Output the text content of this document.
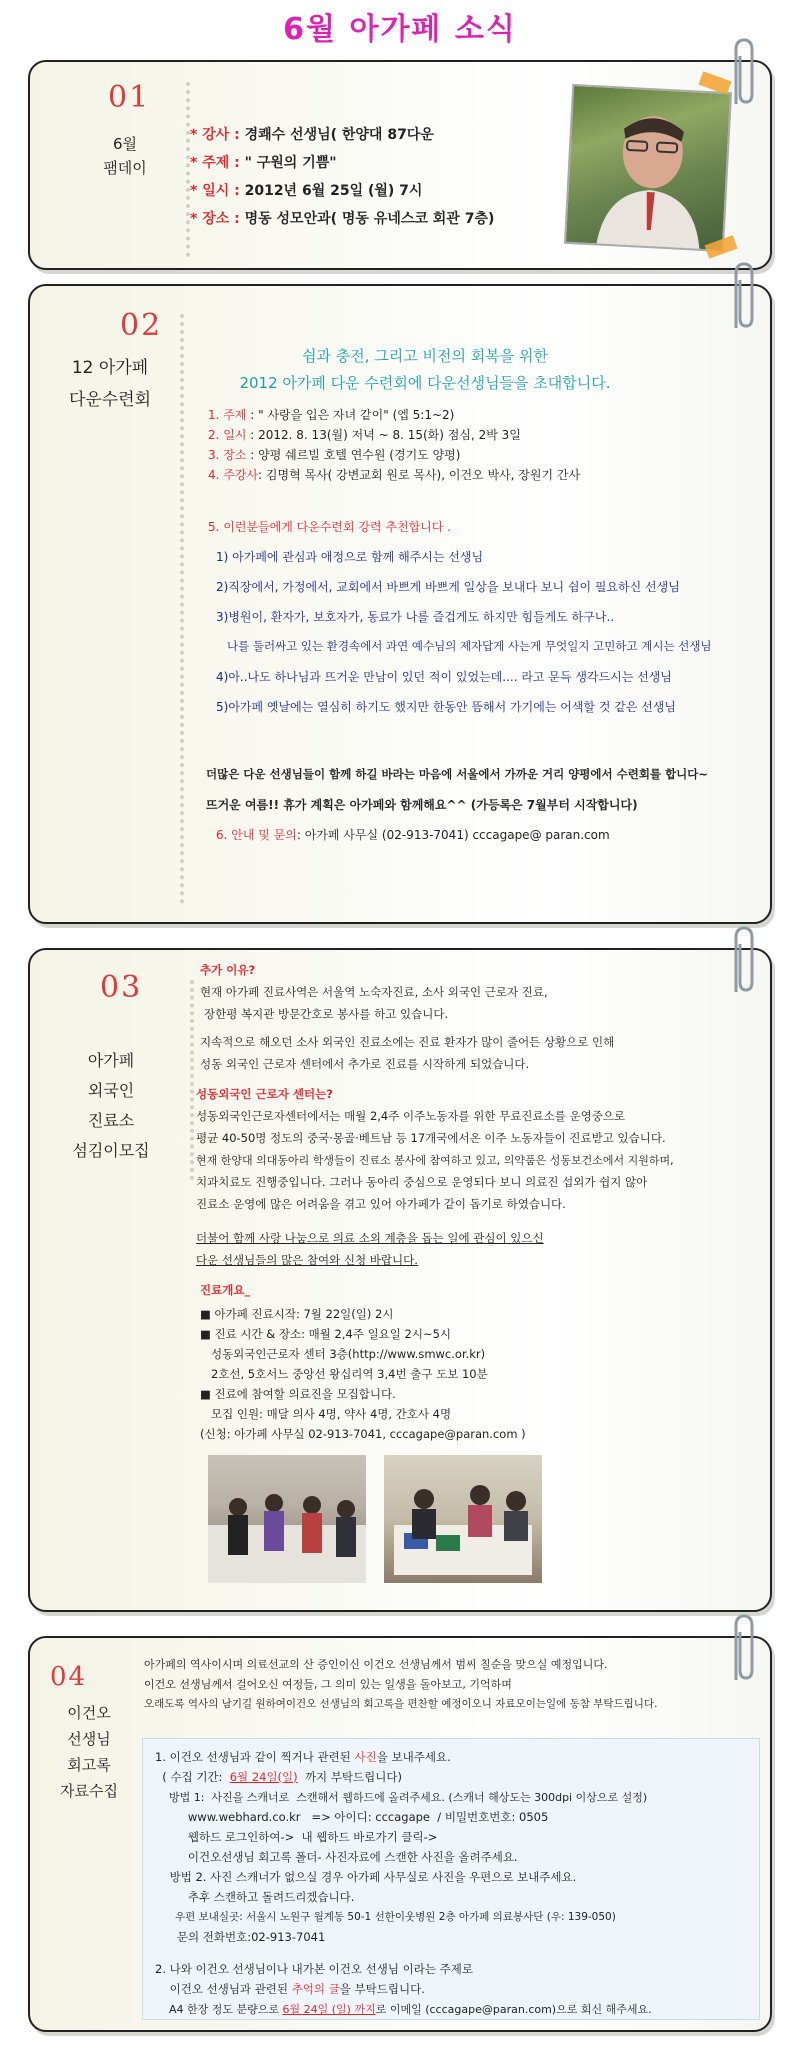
6월 아가페 소식
01
6월
팸데이
* 강사 : 경쾌수 선생님( 한양대 87다운
* 주제 : " 구원의 기쁨"
* 일시 : 2012년 6월 25일 (월) 7시
* 장소 : 명동 성모안과( 명동 유네스코 회관 7층)
02
12 아가페
다운수련회
쉼과 충전, 그리고 비전의 회복을 위한
2012 아가페 다운 수련회에 다운선생님들을 초대합니다.
1. 주제 : " 사랑을 입은 자녀 같이" (엡 5:1~2)
2. 일시 : 2012. 8. 13(월) 저녁 ~ 8. 15(화) 점심, 2박 3일
3. 장소 : 양평 쉐르빌 호텔 연수원 (경기도 양평)
4. 주강사: 김명혁 목사( 강변교회 원로 목사), 이건오 박사, 장원기 간사
5. 이런분들에게 다운수련회 강력 추천합니다 .
1) 아가페에 관심과 애정으로 함께 해주시는 선생님
2)직장에서, 가정에서, 교회에서 바쁘게 바쁘게 일상을 보내다 보니 쉼이 필요하신 선생님
3)병원이, 환자가, 보호자가, 동료가 나를 즐겁게도 하지만 힘들게도 하구나..
나를 둘러싸고 있는 환경속에서 과연 예수님의 제자답게 사는게 무엇일지 고민하고 계시는 선생님
4)아..나도 하나님과 뜨거운 만남이 있던 적이 있었는데.... 라고 문득 생각드시는 선생님
5)아가페 옛날에는 열심히 하기도 했지만 한동안 뜸해서 가기에는 어색할 것 같은 선생님
더많은 다운 선생님들이 함께 하길 바라는 마음에 서울에서 가까운 거리 양평에서 수련회를 합니다~
뜨거운 여름!! 휴가 계획은 아가페와 함께해요^^ (가등록은 7월부터 시작합니다)
6. 안내 및 문의: 아가페 사무실 (02-913-7041) cccagape@ paran.com
03
아가페
외국인
진료소
섬김이모집
추가 이유?
현재 아가페 진료사역은 서울역 노숙자진료, 소사 외국인 근로자 진료,
장한평 복지관 방문간호로 봉사를 하고 있습니다.
지속적으로 해오던 소사 외국인 진료소에는 진료 환자가 많이 줄어든 상황으로 인해
성동 외국인 근로자 센터에서 추가로 진료를 시작하게 되었습니다.
성동외국인 근로자 센터는?
성동외국인근로자센터에서는 매월 2,4주 이주노동자를 위한 무료진료소를 운영중으로
평균 40-50명 정도의 중국·몽골·베트남 등 17개국에서온 이주 노동자들이 진료받고 있습니다.
현재 한양대 의대동아리 학생들이 진료소 봉사에 참여하고 있고, 의약품은 성동보건소에서 지원하며,
치과치료도 진행중입니다. 그러나 동아리 중심으로 운영되다 보니 의료진 섭외가 쉽지 않아
진료소 운영에 많은 어려움을 겪고 있어 아가페가 같이 돕기로 하였습니다.
더불어 함께 사랑 나눔으로 의료 소외 계층을 돕는 일에 관심이 있으신
다운 선생님들의 많은 참여와 신청 바랍니다.
진료개요_
■ 아가페 진료시작: 7월 22일(일) 2시
■ 진료 시간 & 장소: 매월 2,4주 일요일 2시~5시
성동외국인근로자 센터 3층(http://www.smwc.or.kr)
2호선, 5호서느 중앙선 왕십리역 3,4번 출구 도보 10분
■ 진료에 참여할 의료진을 모집합니다.
모집 인원: 매달 의사 4명, 약사 4명, 간호사 4명
(신청: 아가페 사무실 02-913-7041, cccagape@paran.com )
04
이건오
선생님
회고록
자료수집
아가페의 역사이시며 의료선교의 산 증인이신 이건오 선생님께서 범씨 칠순을 맞으실 예정입니다.
이건오 선생님께서 걸어오신 여정들, 그 의미 있는 일생을 돌아보고, 기억하며
오래도록 역사의 남기길 원하여이건오 선생님의 회고록을 편찬할 예정이오니 자료모이는일에 동참 부탁드립니다.
1. 이건오 선생님과 같이 찍거나 관련된 사진을 보내주세요.
( 수집 기간:  6월 24일(일)  까지 부탁드립니다)
방법 1:  사진을 스캐너로  스캔해서 웹하드에 올려주세요. (스캐너 해상도는 300dpi 이상으로 설정)
www.webhard.co.kr   => 아이디: cccagape  / 비밀번호번호: 0505
웹하드 로그인하여->  내 웹하드 바로가기 클릭->
이건오선생님 회고록 폴더- 사진자료에 스캔한 사진을 올려주세요.
방법 2. 사진 스캐너가 없으실 경우 아가페 사무실로 사진을 우편으로 보내주세요.
추후 스캔하고 돌려드리겠습니다.
우편 보내실곳: 서울시 노원구 월계동 50-1 선한이웃병원 2층 아가페 의료봉사단 (우: 139-050)
문의 전화번호:02-913-7041
2. 나와 이건오 선생님이나 내가본 이건오 선생님 이라는 주제로
이건오 선생님과 관련된 추억의 글을 부탁드립니다.
A4 한장 정도 분량으로 6월 24일 (일) 까지로 이메일 (cccagape@paran.com)으로 회신 해주세요.
